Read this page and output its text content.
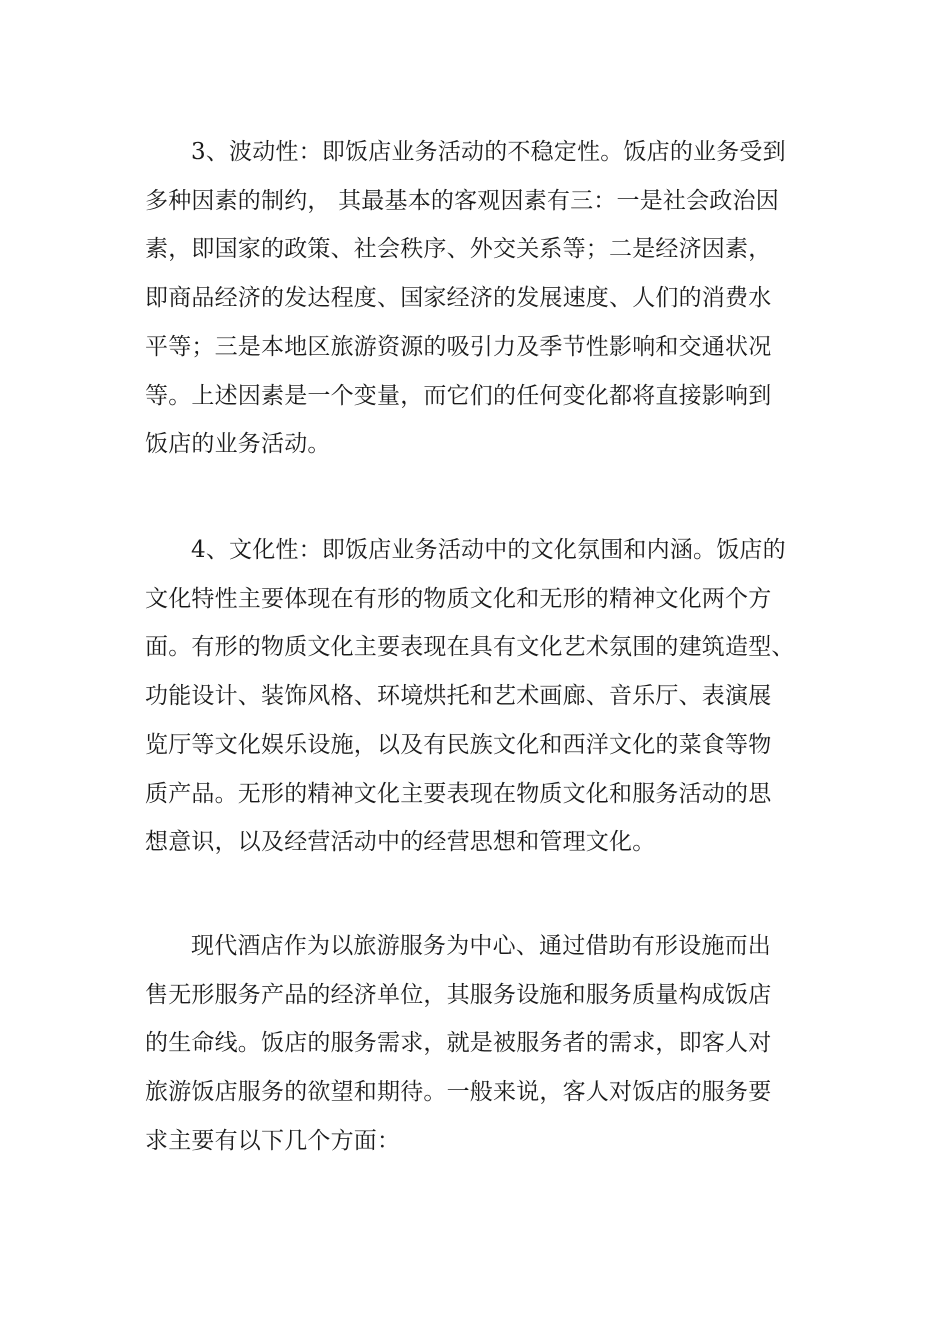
3、波动性：即饭店业务活动的不稳定性。饭店的业务受到
多种因素的制约， 其最基本的客观因素有三：一是社会政治因
素，即国家的政策、社会秩序、外交关系等；二是经济因素，
即商品经济的发达程度、国家经济的发展速度、人们的消费水
平等；三是本地区旅游资源的吸引力及季节性影响和交通状况
等。上述因素是一个变量，而它们的任何变化都将直接影响到
饭店的业务活动。

4、文化性：即饭店业务活动中的文化氛围和内涵。饭店的
文化特性主要体现在有形的物质文化和无形的精神文化两个方
面。有形的物质文化主要表现在具有文化艺术氛围的建筑造型、
功能设计、装饰风格、环境烘托和艺术画廊、音乐厅、表演展
览厅等文化娱乐设施，以及有民族文化和西洋文化的菜食等物
质产品。无形的精神文化主要表现在物质文化和服务活动的思
想意识，以及经营活动中的经营思想和管理文化。

现代酒店作为以旅游服务为中心、通过借助有形设施而出
售无形服务产品的经济单位，其服务设施和服务质量构成饭店
的生命线。饭店的服务需求，就是被服务者的需求，即客人对
旅游饭店服务的欲望和期待。一般来说，客人对饭店的服务要
求主要有以下几个方面：
